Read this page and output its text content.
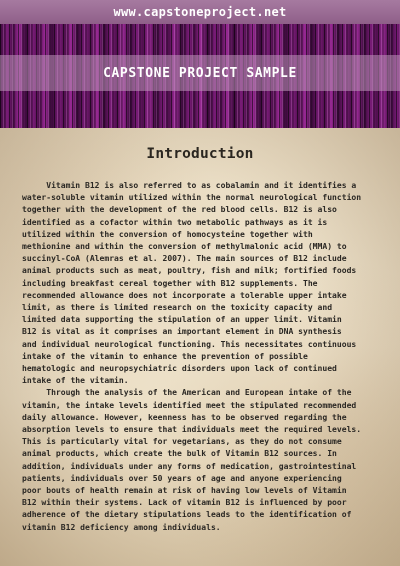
www.capstoneproject.net
CAPSTONE PROJECT SAMPLE
Introduction
Vitamin B12 is also referred to as cobalamin and it identifies a
water-soluble vitamin utilized within the normal neurological function
together with the development of the red blood cells. B12 is also
identified as a cofactor within two metabolic pathways as it is
utilized within the conversion of homocysteine together with
methionine and within the conversion of methylmalonic acid (MMA) to
succinyl-CoA (Alemras et al. 2007). The main sources of B12 include
animal products such as meat, poultry, fish and milk; fortified foods
including breakfast cereal together with B12 supplements. The
recommended allowance does not incorporate a tolerable upper intake
limit, as there is limited research on the toxicity capacity and
limited data supporting the stipulation of an upper limit. Vitamin
B12 is vital as it comprises an important element in DNA synthesis
and individual neurological functioning. This necessitates continuous
intake of the vitamin to enhance the prevention of possible
hematologic and neuropsychiatric disorders upon lack of continued
intake of the vitamin.
Through the analysis of the American and European intake of the
vitamin, the intake levels identified meet the stipulated recommended
daily allowance. However, keenness has to be observed regarding the
absorption levels to ensure that individuals meet the required levels.
This is particularly vital for vegetarians, as they do not consume
animal products, which create the bulk of Vitamin B12 sources. In
addition, individuals under any forms of medication, gastrointestinal
patients, individuals over 50 years of age and anyone experiencing
poor bouts of health remain at risk of having low levels of Vitamin
B12 within their systems. Lack of vitamin B12 is influenced by poor
adherence of the dietary stipulations leads to the identification of
vitamin B12 deficiency among individuals.
